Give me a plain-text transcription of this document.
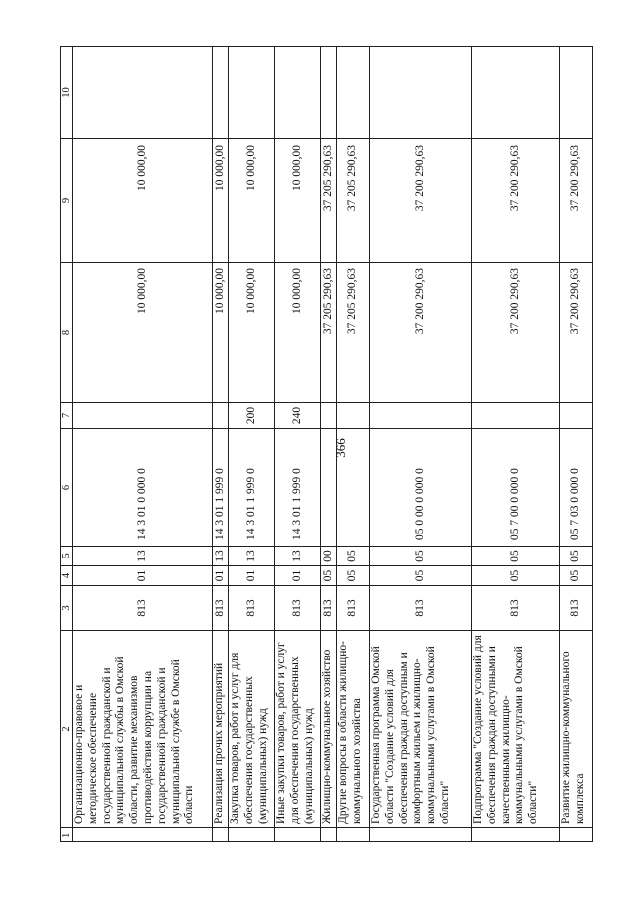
366
1	2	3	4	5	6	7	8	9	10
	Организационно-правовое и методическое обеспечение государственной гражданской и муниципальной службы в Омской области, развитие механизмов противодействия коррупции на государственной гражданской и муниципальной службе в Омской области	813	01	13	14 3 01 0 000 0		10 000,00	10 000,00	
	Реализация прочих мероприятий	813	01	13	14 3 01 1 999 0		10 000,00	10 000,00	
	Закупка товаров, работ и услуг для обеспечения государственных (муниципальных) нужд	813	01	13	14 3 01 1 999 0	200	10 000,00	10 000,00	
	Иные закупки товаров, работ и услуг для обеспечения государственных (муниципальных) нужд	813	01	13	14 3 01 1 999 0	240	10 000,00	10 000,00	
	Жилищно-коммунальное хозяйство	813	05	00			37 205 290,63	37 205 290,63	
	Другие вопросы в области жилищно-коммунального хозяйства	813	05	05			37 205 290,63	37 205 290,63	
	Государственная программа Омской области "Создание условий для обеспечения граждан доступным и комфортным жильем и жилищно-коммунальными услугами в Омской области"	813	05	05	05 0 00 0 000 0		37 200 290,63	37 200 290,63	
	Подпрограмма "Создание условий для обеспечения граждан доступными и качественными жилищно-коммунальными услугами в Омской области"	813	05	05	05 7 00 0 000 0		37 200 290,63	37 200 290,63	
	Развитие жилищно-коммунального комплекса	813	05	05	05 7 03 0 000 0		37 200 290,63	37 200 290,63	
